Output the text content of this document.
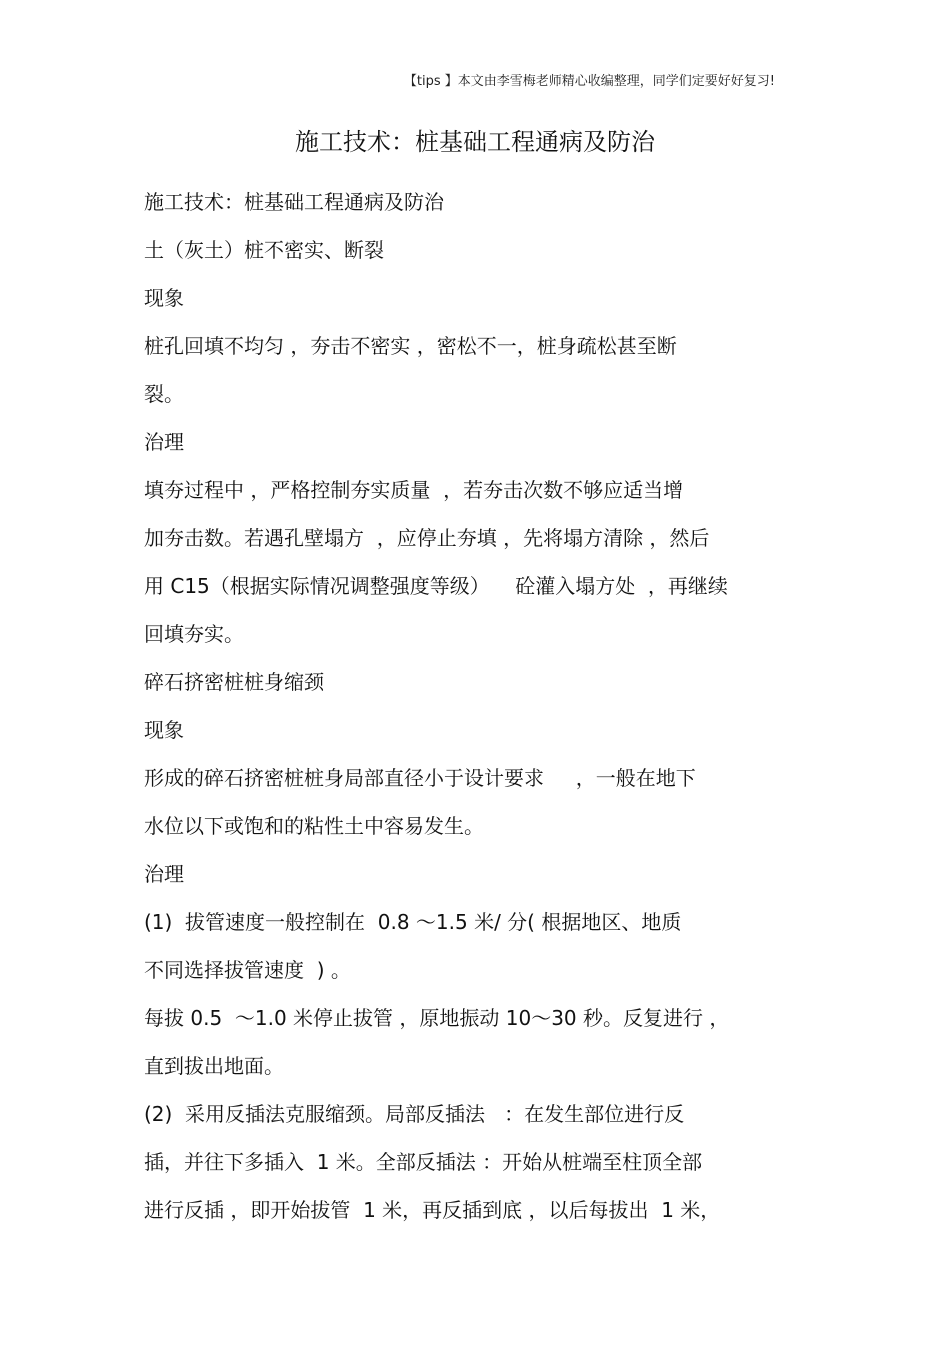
【tips 】本文由李雪梅老师精心收编整理，同学们定要好好复习!
施工技术：桩基础工程通病及防治
施工技术：桩基础工程通病及防治
土（灰土）桩不密实、断裂
现象
桩孔回填不均匀 ，夯击不密实 ，密松不一，桩身疏松甚至断
裂。
治理
填夯过程中 ，严格控制夯实质量  ，若夯击次数不够应适当增
加夯击数。若遇孔壁塌方  ，应停止夯填 ，先将塌方清除 ，然后
用 C15（根据实际情况调整强度等级）    砼灌入塌方处  ，再继续
回填夯实。
碎石挤密桩桩身缩颈
现象
形成的碎石挤密桩桩身局部直径小于设计要求     ，一般在地下
水位以下或饱和的粘性土中容易发生。
治理
(1)  拔管速度一般控制在  0.8 ～1.5 米/ 分( 根据地区、地质
不同选择拔管速度  ) 。
每拔 0.5  ～1.0 米停止拔管 ，原地振动 10～30 秒。反复进行 ，
直到拔出地面。
(2)  采用反插法克服缩颈。局部反插法   ：在发生部位进行反
插，并往下多插入  1 米。全部反插法 ：开始从桩端至柱顶全部
进行反插 ，即开始拔管  1 米，再反插到底 ，以后每拔出  1 米，
